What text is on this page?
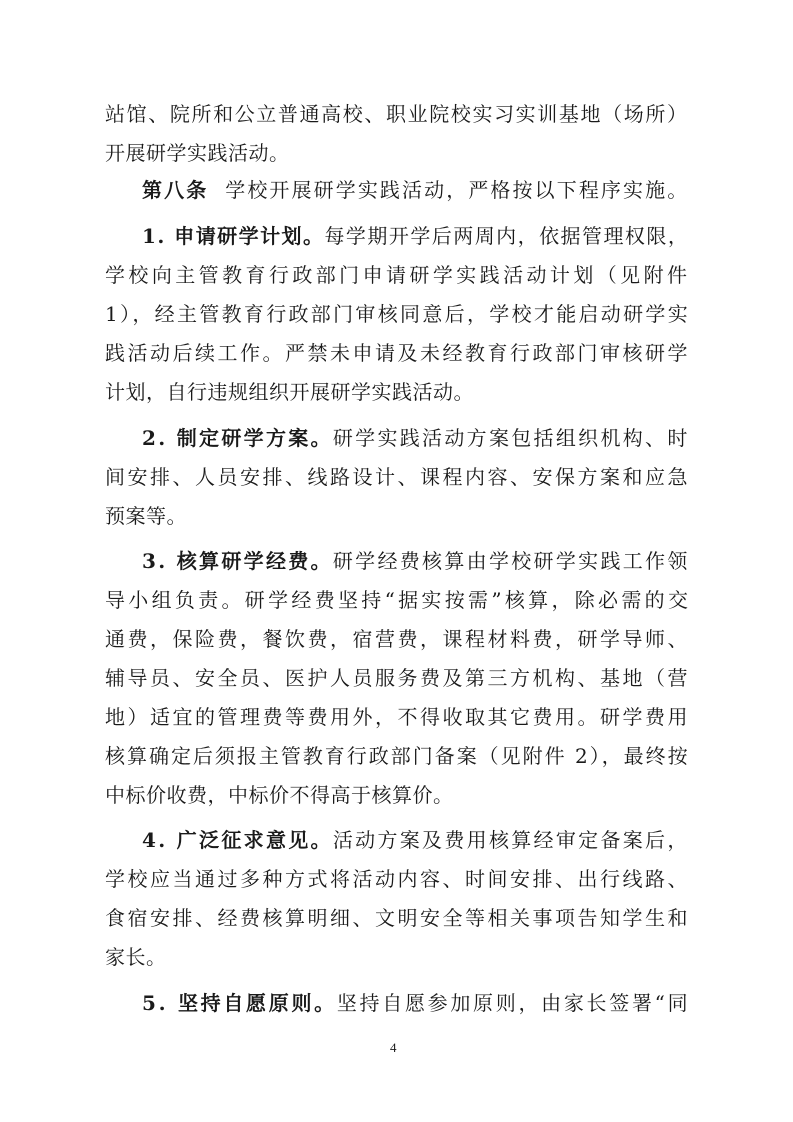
站馆、院所和公立普通高校、职业院校实习实训基地（场所）
开展研学实践活动。
第八条  学校开展研学实践活动，严格按以下程序实施。
1. 申请研学计划。每学期开学后两周内，依据管理权限，
学校向主管教育行政部门申请研学实践活动计划（见附件
1），经主管教育行政部门审核同意后，学校才能启动研学实
践活动后续工作。严禁未申请及未经教育行政部门审核研学
计划，自行违规组织开展研学实践活动。
2. 制定研学方案。研学实践活动方案包括组织机构、时
间安排、人员安排、线路设计、课程内容、安保方案和应急
预案等。
3. 核算研学经费。研学经费核算由学校研学实践工作领
导小组负责。研学经费坚持“据实按需”核算，除必需的交
通费，保险费，餐饮费，宿营费，课程材料费，研学导师、
辅导员、安全员、医护人员服务费及第三方机构、基地（营
地）适宜的管理费等费用外，不得收取其它费用。研学费用
核算确定后须报主管教育行政部门备案（见附件 2），最终按
中标价收费，中标价不得高于核算价。
4. 广泛征求意见。活动方案及费用核算经审定备案后，
学校应当通过多种方式将活动内容、时间安排、出行线路、
食宿安排、经费核算明细、文明安全等相关事项告知学生和
家长。
5. 坚持自愿原则。坚持自愿参加原则，由家长签署“同
4
